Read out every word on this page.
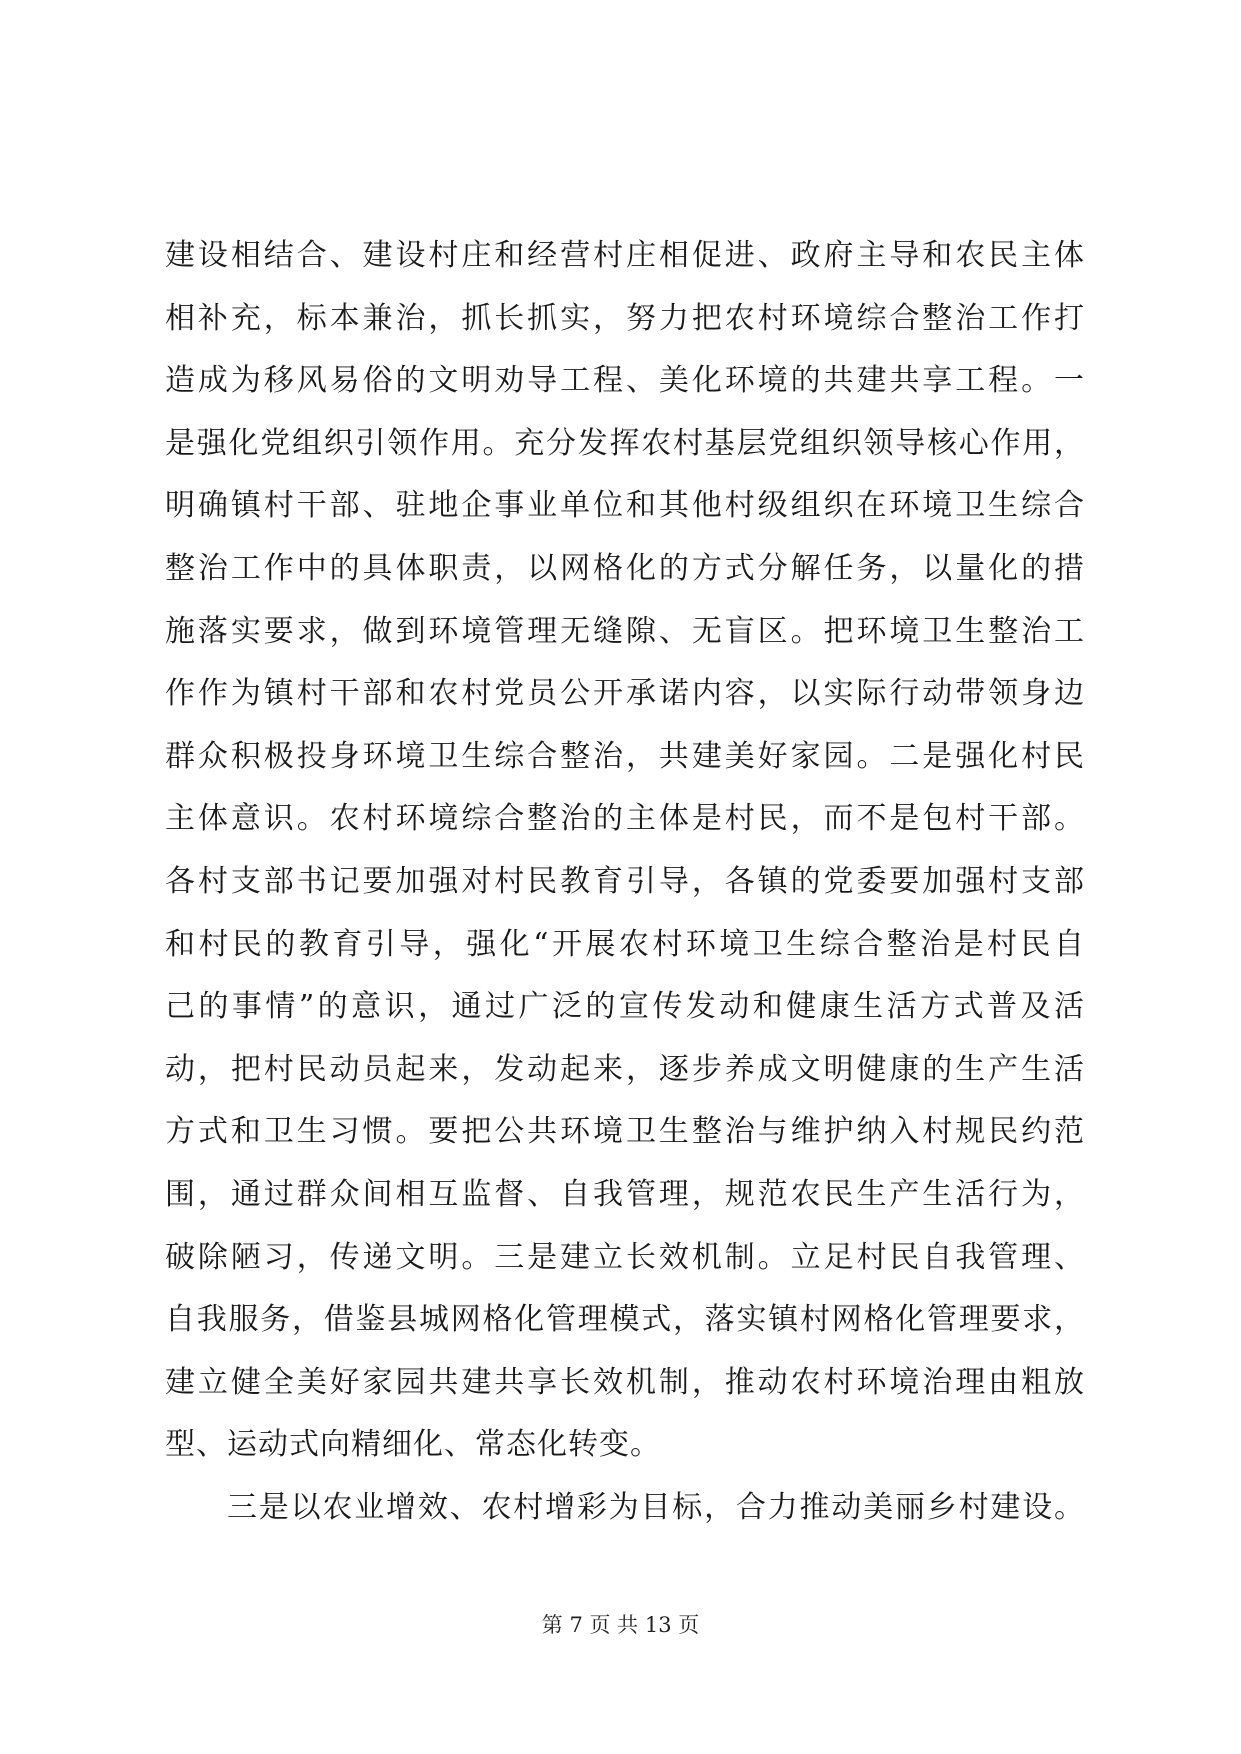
建设相结合、建设村庄和经营村庄相促进、政府主导和农民主体
相补充，标本兼治，抓长抓实，努力把农村环境综合整治工作打
造成为移风易俗的文明劝导工程、美化环境的共建共享工程。一
是强化党组织引领作用。充分发挥农村基层党组织领导核心作用，
明确镇村干部、驻地企事业单位和其他村级组织在环境卫生综合
整治工作中的具体职责，以网格化的方式分解任务，以量化的措
施落实要求，做到环境管理无缝隙、无盲区。把环境卫生整治工
作作为镇村干部和农村党员公开承诺内容，以实际行动带领身边
群众积极投身环境卫生综合整治，共建美好家园。二是强化村民
主体意识。农村环境综合整治的主体是村民，而不是包村干部。
各村支部书记要加强对村民教育引导，各镇的党委要加强村支部
和村民的教育引导，强化“开展农村环境卫生综合整治是村民自
己的事情”的意识，通过广泛的宣传发动和健康生活方式普及活
动，把村民动员起来，发动起来，逐步养成文明健康的生产生活
方式和卫生习惯。要把公共环境卫生整治与维护纳入村规民约范
围，通过群众间相互监督、自我管理，规范农民生产生活行为，
破除陋习，传递文明。三是建立长效机制。立足村民自我管理、
自我服务，借鉴县城网格化管理模式，落实镇村网格化管理要求，
建立健全美好家园共建共享长效机制，推动农村环境治理由粗放
型、运动式向精细化、常态化转变。
三是以农业增效、农村增彩为目标，合力推动美丽乡村建设。
第 7 页 共 13 页
